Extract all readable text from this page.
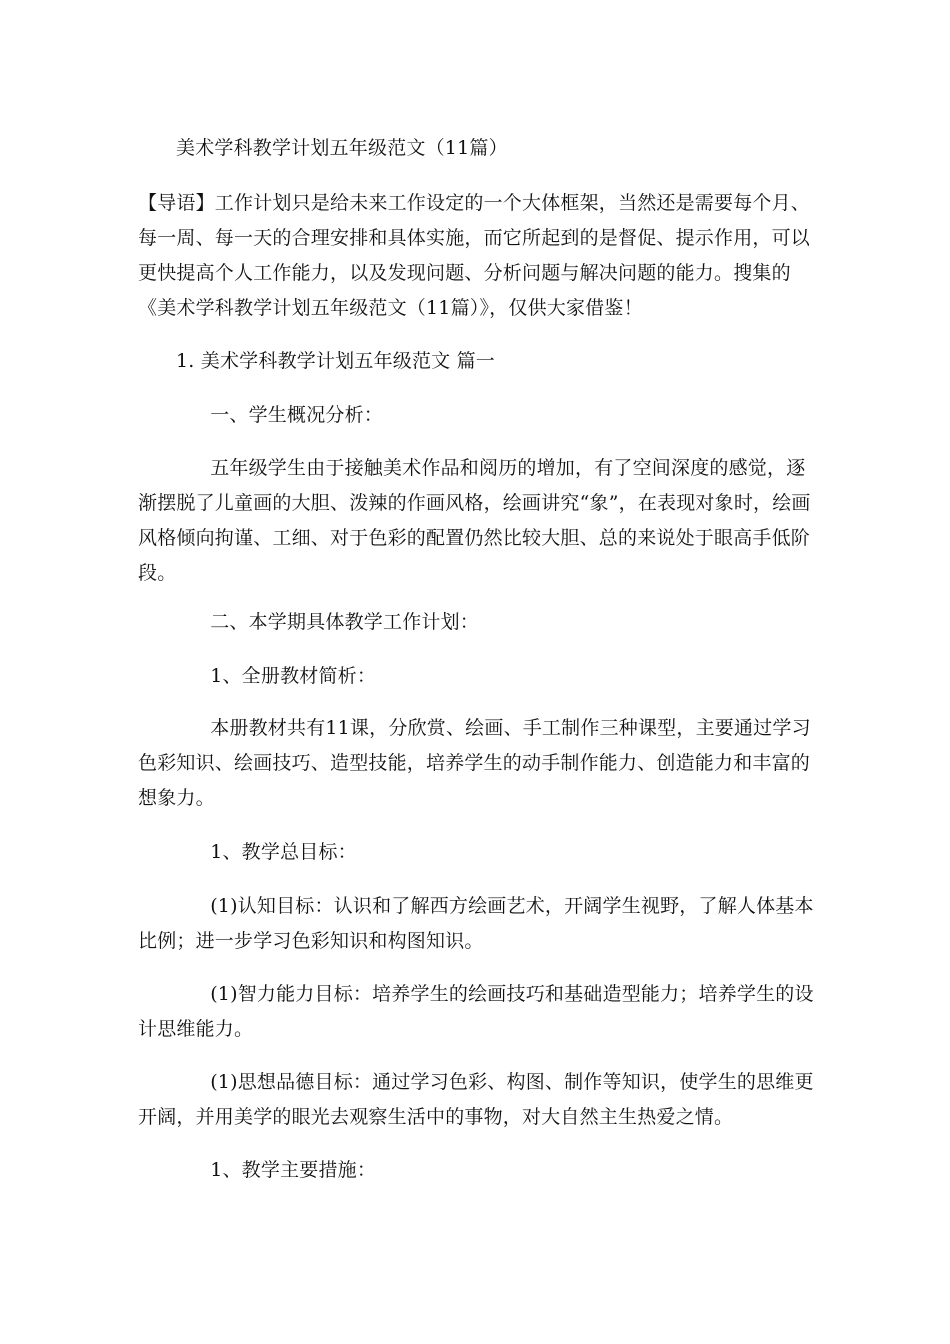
美术学科教学计划五年级范文（11篇）

【导语】工作计划只是给未来工作设定的一个大体框架，当然还是需要每个月、每一周、每一天的合理安排和具体实施，而它所起到的是督促、提示作用，可以更快提高个人工作能力，以及发现问题、分析问题与解决问题的能力。搜集的《美术学科教学计划五年级范文（11篇）》，仅供大家借鉴！

1. 美术学科教学计划五年级范文 篇一

一、学生概况分析：

五年级学生由于接触美术作品和阅历的增加，有了空间深度的感觉，逐渐摆脱了儿童画的大胆、泼辣的作画风格，绘画讲究“象”，在表现对象时，绘画风格倾向拘谨、工细、对于色彩的配置仍然比较大胆、总的来说处于眼高手低阶段。

二、本学期具体教学工作计划：

1、全册教材简析：

本册教材共有11课，分欣赏、绘画、手工制作三种课型，主要通过学习色彩知识、绘画技巧、造型技能，培养学生的动手制作能力、创造能力和丰富的想象力。

1、教学总目标：

(1)认知目标：认识和了解西方绘画艺术，开阔学生视野，了解人体基本比例；进一步学习色彩知识和构图知识。

(1)智力能力目标：培养学生的绘画技巧和基础造型能力；培养学生的设计思维能力。

(1)思想品德目标：通过学习色彩、构图、制作等知识，使学生的思维更开阔，并用美学的眼光去观察生活中的事物，对大自然主生热爱之情。

1、教学主要措施：
